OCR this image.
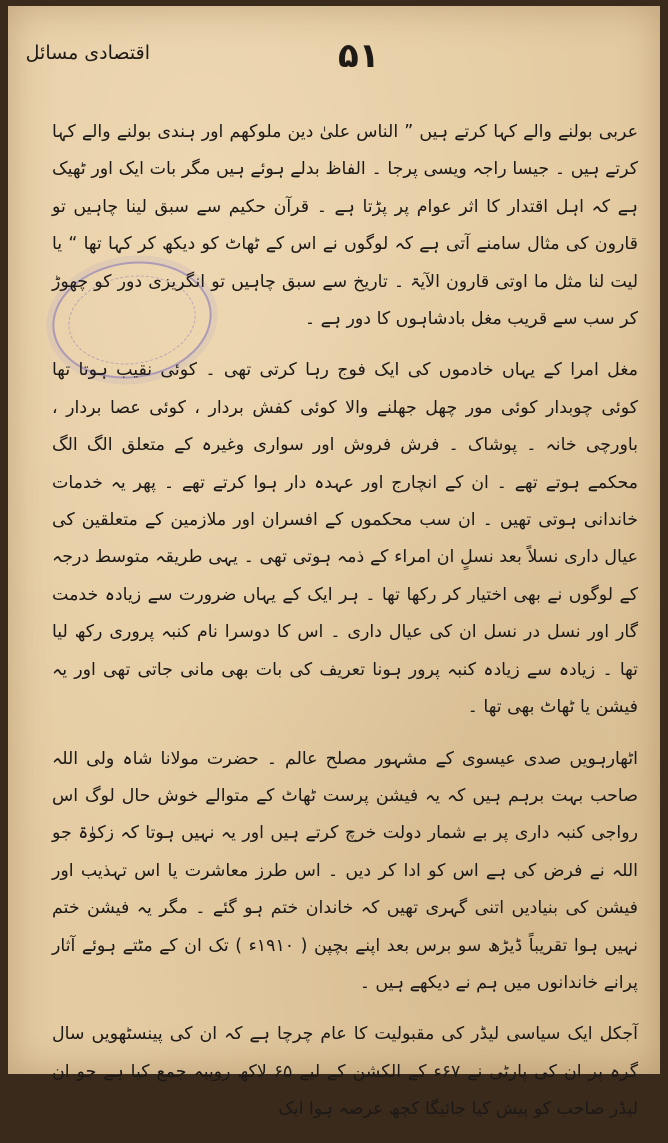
اقتصادی مسائل	۵۱

عربی بولنے والے کہا کرتے ہیں ” الناس علیٰ دین ملوکھم اور ہندی بولنے والے کہا کرتے ہیں ۔ جیسا راجہ ویسی پرجا ۔ الفاظ بدلے ہوئے ہیں مگر بات ایک اور ٹھیک ہے کہ اہل اقتدار کا اثر عوام پر پڑتا ہے ۔ قرآن حکیم سے سبق لینا چاہیں تو قارون کی مثال سامنے آتی ہے کہ لوگوں نے اس کے ٹھاٹ کو دیکھ کر کہا تھا “ یا لیت لنا مثل ما اوتی قارون الآیۃ ۔ تاریخ سے سبق چاہیں تو انگریزی دور کو چھوڑ کر سب سے قریب مغل بادشاہوں کا دور ہے ۔

مغل امرا کے یہاں خادموں کی ایک فوج رہا کرتی تھی ۔ کوئی نقیب ہوتا تھا کوئی چوبدار کوئی مور چھل جھلنے والا کوئی کفش بردار ، کوئی عصا بردار ، باورچی خانہ ۔ پوشاک ۔ فرش فروش اور سواری وغیرہ کے متعلق الگ الگ محکمے ہوتے تھے ۔ ان کے انچارج اور عہدہ دار ہوا کرتے تھے ۔ پھر یہ خدمات خاندانی ہوتی تھیں ۔ ان سب محکموں کے افسران اور ملازمین کے متعلقین کی عیال داری نسلاً بعد نسلٍ ان امراء کے ذمہ ہوتی تھی ۔ یہی طریقہ متوسط درجہ کے لوگوں نے بھی اختیار کر رکھا تھا ۔ ہر ایک کے یہاں ضرورت سے زیادہ خدمت گار اور نسل در نسل ان کی عیال داری ۔ اس کا دوسرا نام کنبہ پروری رکھ لیا تھا ۔ زیادہ سے زیادہ کنبہ پرور ہونا تعریف کی بات بھی مانی جاتی تھی اور یہ فیشن یا ٹھاٹ بھی تھا ۔

اٹھارہویں صدی عیسوی کے مشہور مصلح عالم ۔ حضرت مولانا شاہ ولی اللہ صاحب بہت برہم ہیں کہ یہ فیشن پرست ٹھاٹ کے متوالے خوش حال لوگ اس رواجی کنبہ داری پر بے شمار دولت خرچ کرتے ہیں اور یہ نہیں ہوتا کہ زکوٰۃ جو اللہ نے فرض کی ہے اس کو ادا کر دیں ۔ اس طرز معاشرت یا اس تہذیب اور فیشن کی بنیادیں اتنی گہری تھیں کہ خاندان ختم ہو گئے ۔ مگر یہ فیشن ختم نہیں ہوا تقریباً ڈیڑھ سو برس بعد اپنے بچپن ( ۱۹۱۰ء ) تک ان کے مٹتے ہوئے آثار پرانے خاندانوں میں ہم نے دیکھے ہیں ۔

آجکل ایک سیاسی لیڈر کی مقبولیت کا عام چرچا ہے کہ ان کی پینسٹھویں سال گرہ پر ان کی پارٹی نے ۶۷ء کے الکشن کے لیے ۶۵ لاکھ روپیہ جمع کیا ہے جو ان لیڈر صاحب کو پیش کیا جائیگا کچھ عرصہ ہوا ایک
